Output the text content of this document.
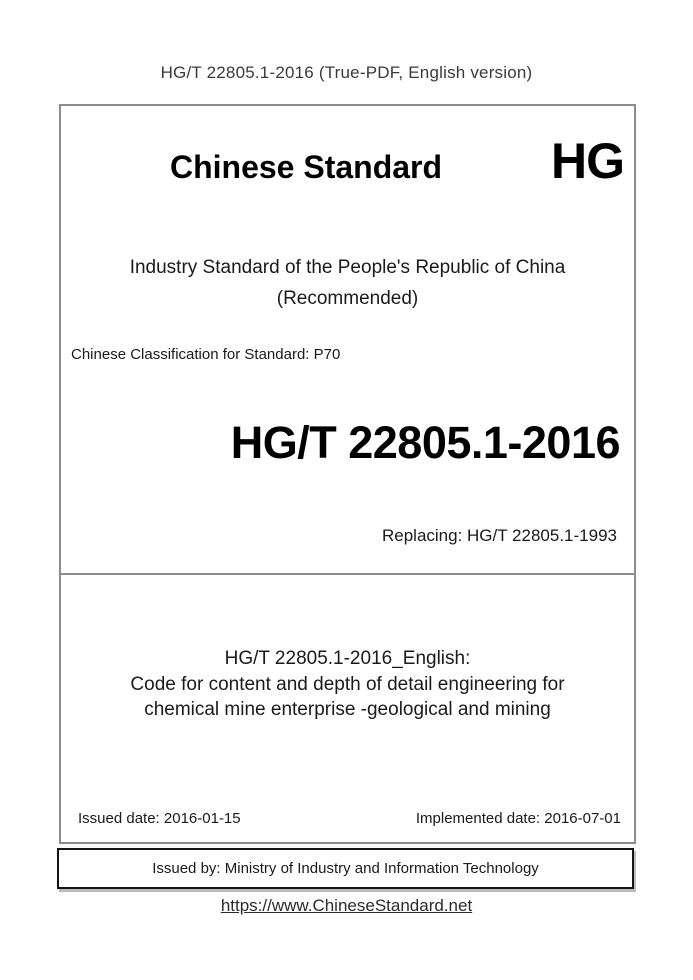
HG/T 22805.1-2016 (True-PDF, English version)
Chinese Standard	HG
Industry Standard of the People's Republic of China
(Recommended)
Chinese Classification for Standard: P70
HG/T 22805.1-2016
Replacing: HG/T 22805.1-1993
HG/T 22805.1-2016_English:
Code for content and depth of detail engineering for
chemical mine enterprise -geological and mining
Issued date: 2016-01-15	Implemented date: 2016-07-01
Issued by: Ministry of Industry and Information Technology
https://www.ChineseStandard.net
